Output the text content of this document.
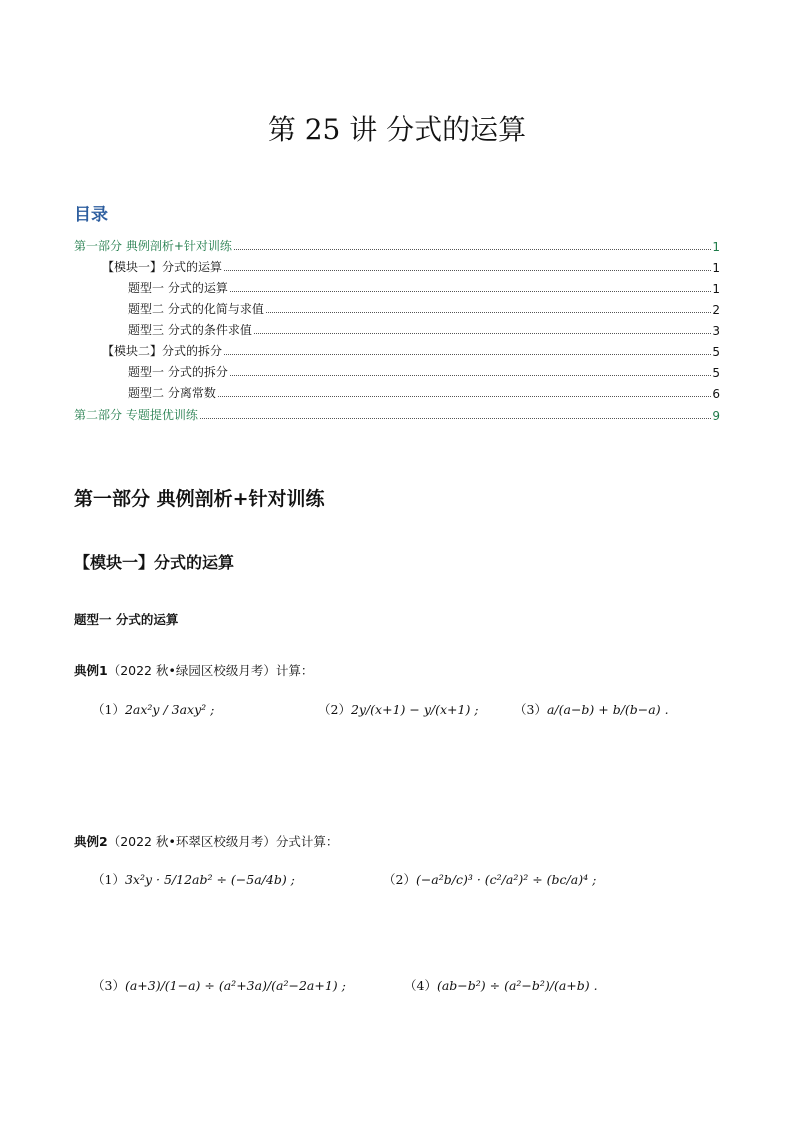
第 25 讲 分式的运算
目录
第一部分 典例剖析+针对训练	1
【模块一】分式的运算	1
题型一 分式的运算	1
题型二 分式的化简与求值	2
题型三 分式的条件求值	3
【模块二】分式的拆分	5
题型一 分式的拆分	5
题型二 分离常数	6
第二部分 专题提优训练	9
第一部分 典例剖析+针对训练
【模块一】分式的运算
题型一 分式的运算
典例1（2022 秋•绿园区校级月考）计算：
（1）2ax²y / 3axy² ;	（2）2y/(x+1) − y/(x+1) ;	（3）a/(a−b) + b/(b−a) .
典例2（2022 秋•环翠区校级月考）分式计算：
（1）3x²y · 5/12ab² ÷ (−5a/4b) ;	（2）(−a²b/c)³ · (c²/a²)² ÷ (bc/a)⁴ ;
（3）(a+3)/(1−a) ÷ (a²+3a)/(a²−2a+1) ;	（4）(ab−b²) ÷ (a²−b²)/(a+b) .
